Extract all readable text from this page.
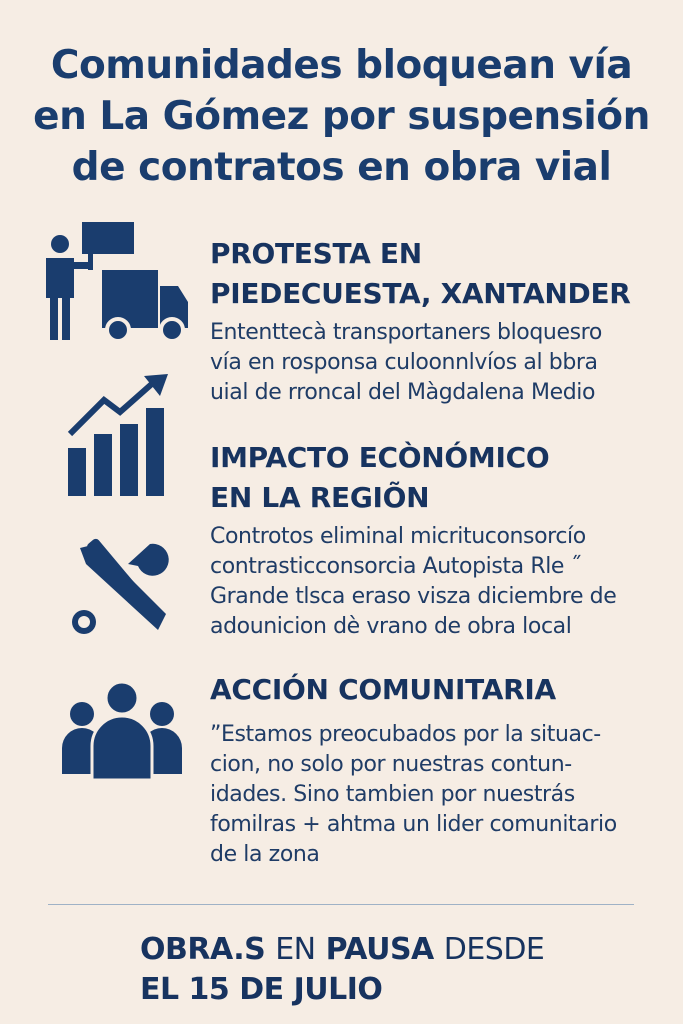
Comunidades bloquean vía
en La Gómez por suspensión
de contratos en obra vial
PROTESTA EN
PIEDECUESTA, XANTANDER
Ententtecà transportaners bloquesro
vía en rosponsa culoonnlvíos al bbra
uial de rroncal del Màgdalena Medio
IMPACTO ECÒNÓMICO
EN LA REGIÕN
Controtos eliminal micrituconsorcío
contrasticconsorcia Autopista Rle ˝
Grande tlsca eraso visza diciembre de
adounicion dè vrano de obra local
ACCIÓN COMUNITARIA
”Estamos preocubados por la situac-
cion, no solo por nuestras contun-
idades. Sino tambien por nuestrás
fomilras + ahtma un lider comunitario
de la zona
OBRA.S EN PAUSA DESDE
EL 15 DE JULIO
